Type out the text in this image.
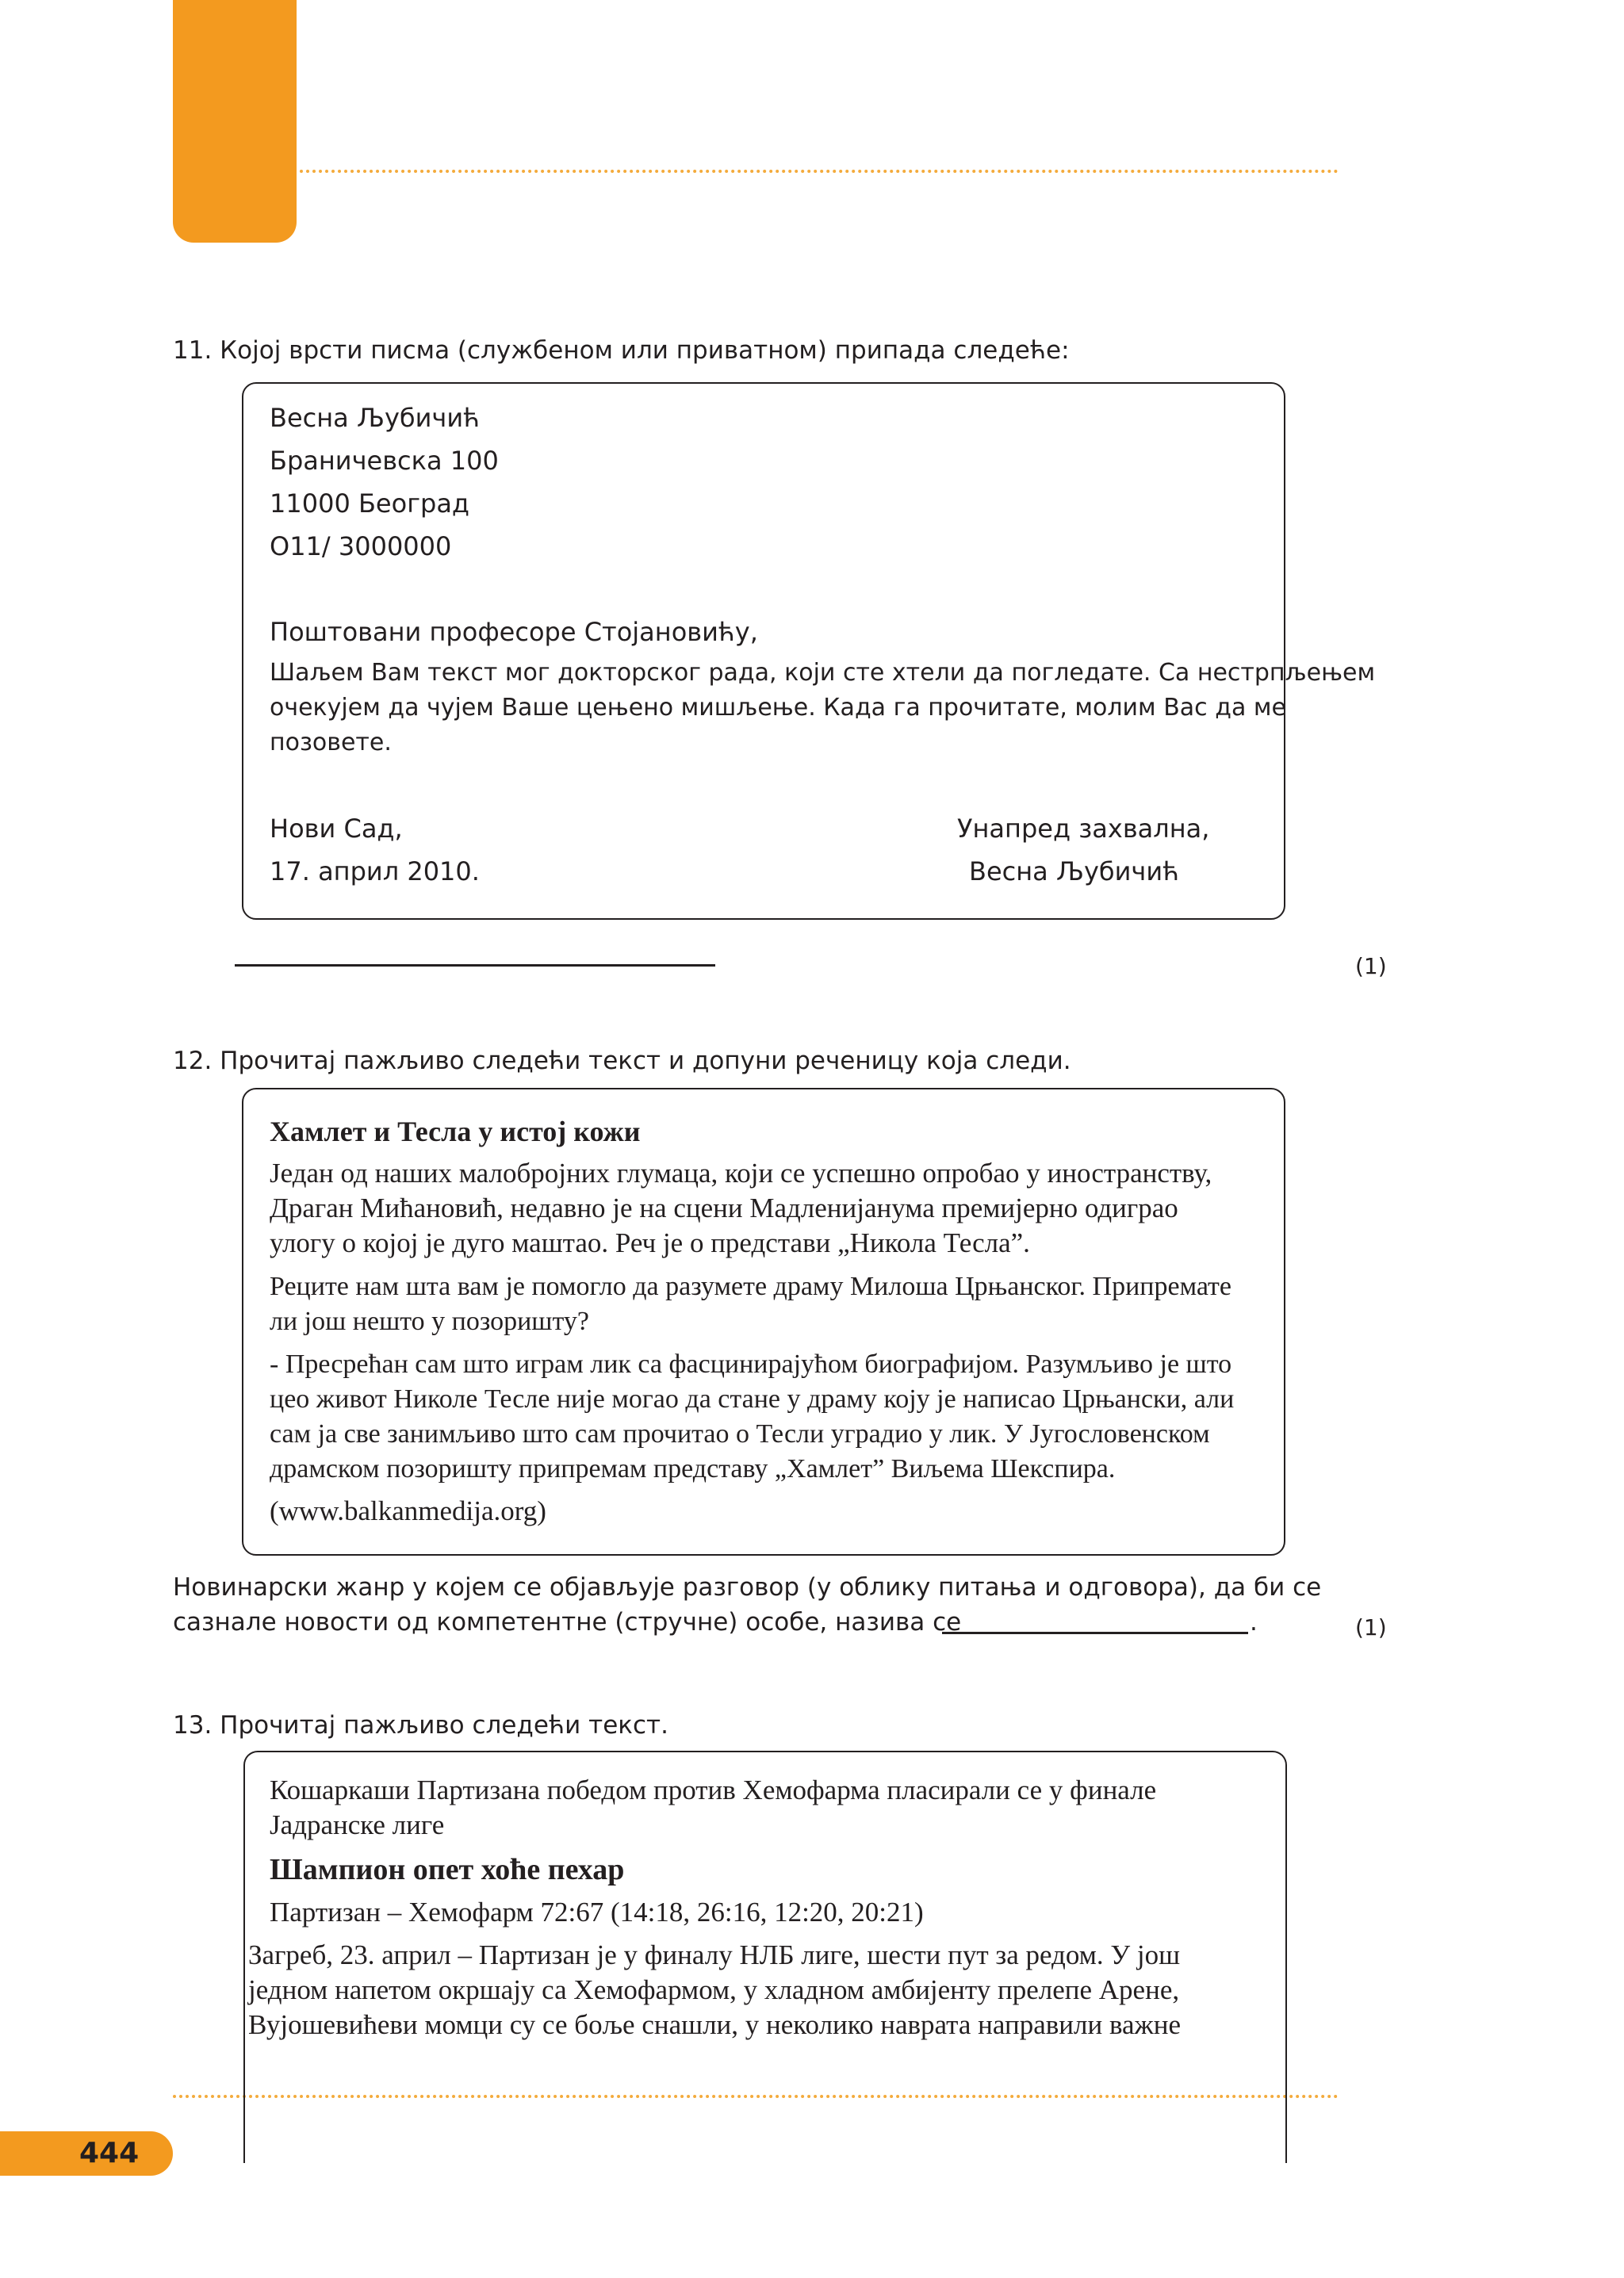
444
11. Којој врсти писма (службеном или приватном) припада следеће:
Весна Љубичић
Браничевска 100
11000 Београд
О11/ 3000000
Поштовани професоре Стојановићу,
Шаљем Вам текст мог докторског рада, који сте хтели да погледате. Са нестрпљењем
очекујем да чујем Ваше цењено мишљење. Када га прочитате, молим Вас да ме
позовете.
Нови Сад,
17. април 2010.
Унапред захвална,
Весна Љубичић
(1)
12. Прочитај пажљиво следећи текст и допуни реченицу која следи.
Хамлет и Тесла у истој кожи
Један од наших малобројних глумаца, који се успешно опробао у иностранству,
Драган Мићановић, недавно је на сцени Мадленијанума премијерно одиграо
улогу о којој је дуго маштао. Реч је о представи „Никола Тесла”.
Реците нам шта вам је помогло да разумете драму Милоша Црњанског. Припремате
ли још нешто у позоришту?
- Пресрећан сам што играм лик са фасцинирајућом биографијом. Разумљиво је што
цео живот Николе Тесле није могао да стане у драму коју је написао Црњански, али
сам ја све занимљиво што сам прочитао о Тесли уградио у лик. У Југословенском
драмском позоришту припремам представу „Хамлет” Виљема Шекспира.
(www.balkanmedija.org)
Новинарски жанр у којем се објављује разговор (у облику питања и одговора), да би се
сазнале новости од компетентне (стручне) особе, назива се	.	(1)
13. Прочитај пажљиво следећи текст.
Кошаркаши Партизана победом против Хемофарма пласирали се у финале
Јадранске лиге
Шампион опет хоће пехар
Партизан – Хемофарм 72:67 (14:18, 26:16, 12:20, 20:21)
Загреб, 23. април – Партизан је у финалу НЛБ лиге, шести пут за редом. У још
једном напетом окршају са Хемофармом, у хладном амбијенту прелепе Арене,
Вујошевићеви момци су се боље снашли, у неколико наврата направили важне
